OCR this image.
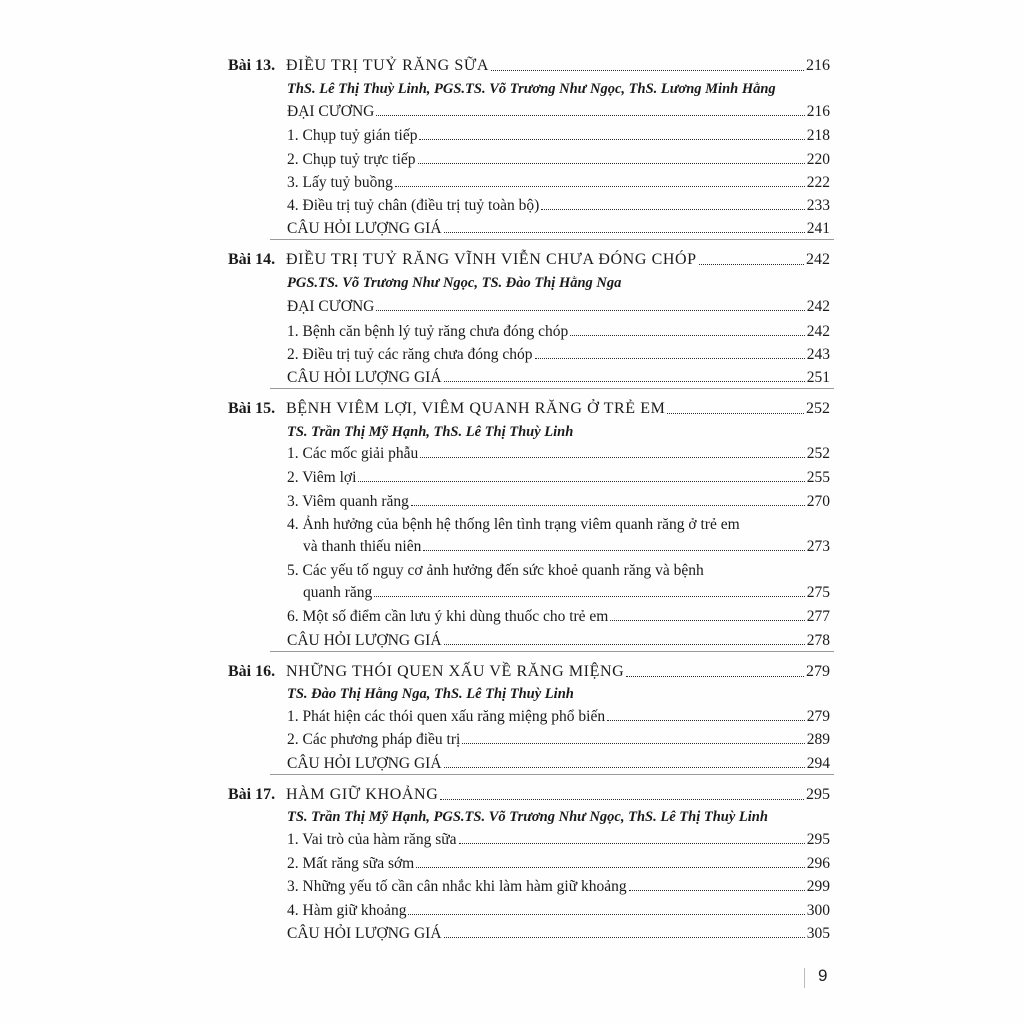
Bài 13. ĐIỀU TRỊ TUỶ RĂNG SỮA	216
ThS. Lê Thị Thuỳ Linh, PGS.TS. Võ Trương Như Ngọc, ThS. Lương Minh Hằng
ĐẠI CƯƠNG	216
1. Chụp tuỷ gián tiếp	218
2. Chụp tuỷ trực tiếp	220
3. Lấy tuỷ buồng	222
4. Điều trị tuỷ chân (điều trị tuỷ toàn bộ)	233
CÂU HỎI LƯỢNG GIÁ	241
Bài 14. ĐIỀU TRỊ TUỶ RĂNG VĨNH VIỄN CHƯA ĐÓNG CHÓP	242
PGS.TS. Võ Trương Như Ngọc, TS. Đào Thị Hằng Nga
ĐẠI CƯƠNG	242
1. Bệnh căn bệnh lý tuỷ răng chưa đóng chóp	242
2. Điều trị tuỷ các răng chưa đóng chóp	243
CÂU HỎI LƯỢNG GIÁ	251
Bài 15. BỆNH VIÊM LỢI, VIÊM QUANH RĂNG Ở TRẺ EM	252
TS. Trần Thị Mỹ Hạnh, ThS. Lê Thị Thuỳ Linh
1. Các mốc giải phẫu	252
2. Viêm lợi	255
3. Viêm quanh răng	270
4. Ảnh hưởng của bệnh hệ thống lên tình trạng viêm quanh răng ở trẻ em
và thanh thiếu niên	273
5. Các yếu tố nguy cơ ảnh hưởng đến sức khoẻ quanh răng và bệnh
quanh răng	275
6. Một số điểm cần lưu ý khi dùng thuốc cho trẻ em	277
CÂU HỎI LƯỢNG GIÁ	278
Bài 16. NHỮNG THÓI QUEN XẤU VỀ RĂNG MIỆNG	279
TS. Đào Thị Hằng Nga, ThS. Lê Thị Thuỳ Linh
1. Phát hiện các thói quen xấu răng miệng phổ biến	279
2. Các phương pháp điều trị	289
CÂU HỎI LƯỢNG GIÁ	294
Bài 17. HÀM GIỮ KHOẢNG	295
TS. Trần Thị Mỹ Hạnh, PGS.TS. Võ Trương Như Ngọc, ThS. Lê Thị Thuỳ Linh
1. Vai trò của hàm răng sữa	295
2. Mất răng sữa sớm	296
3. Những yếu tố cần cân nhắc khi làm hàm giữ khoảng	299
4. Hàm giữ khoảng	300
CÂU HỎI LƯỢNG GIÁ	305
9
